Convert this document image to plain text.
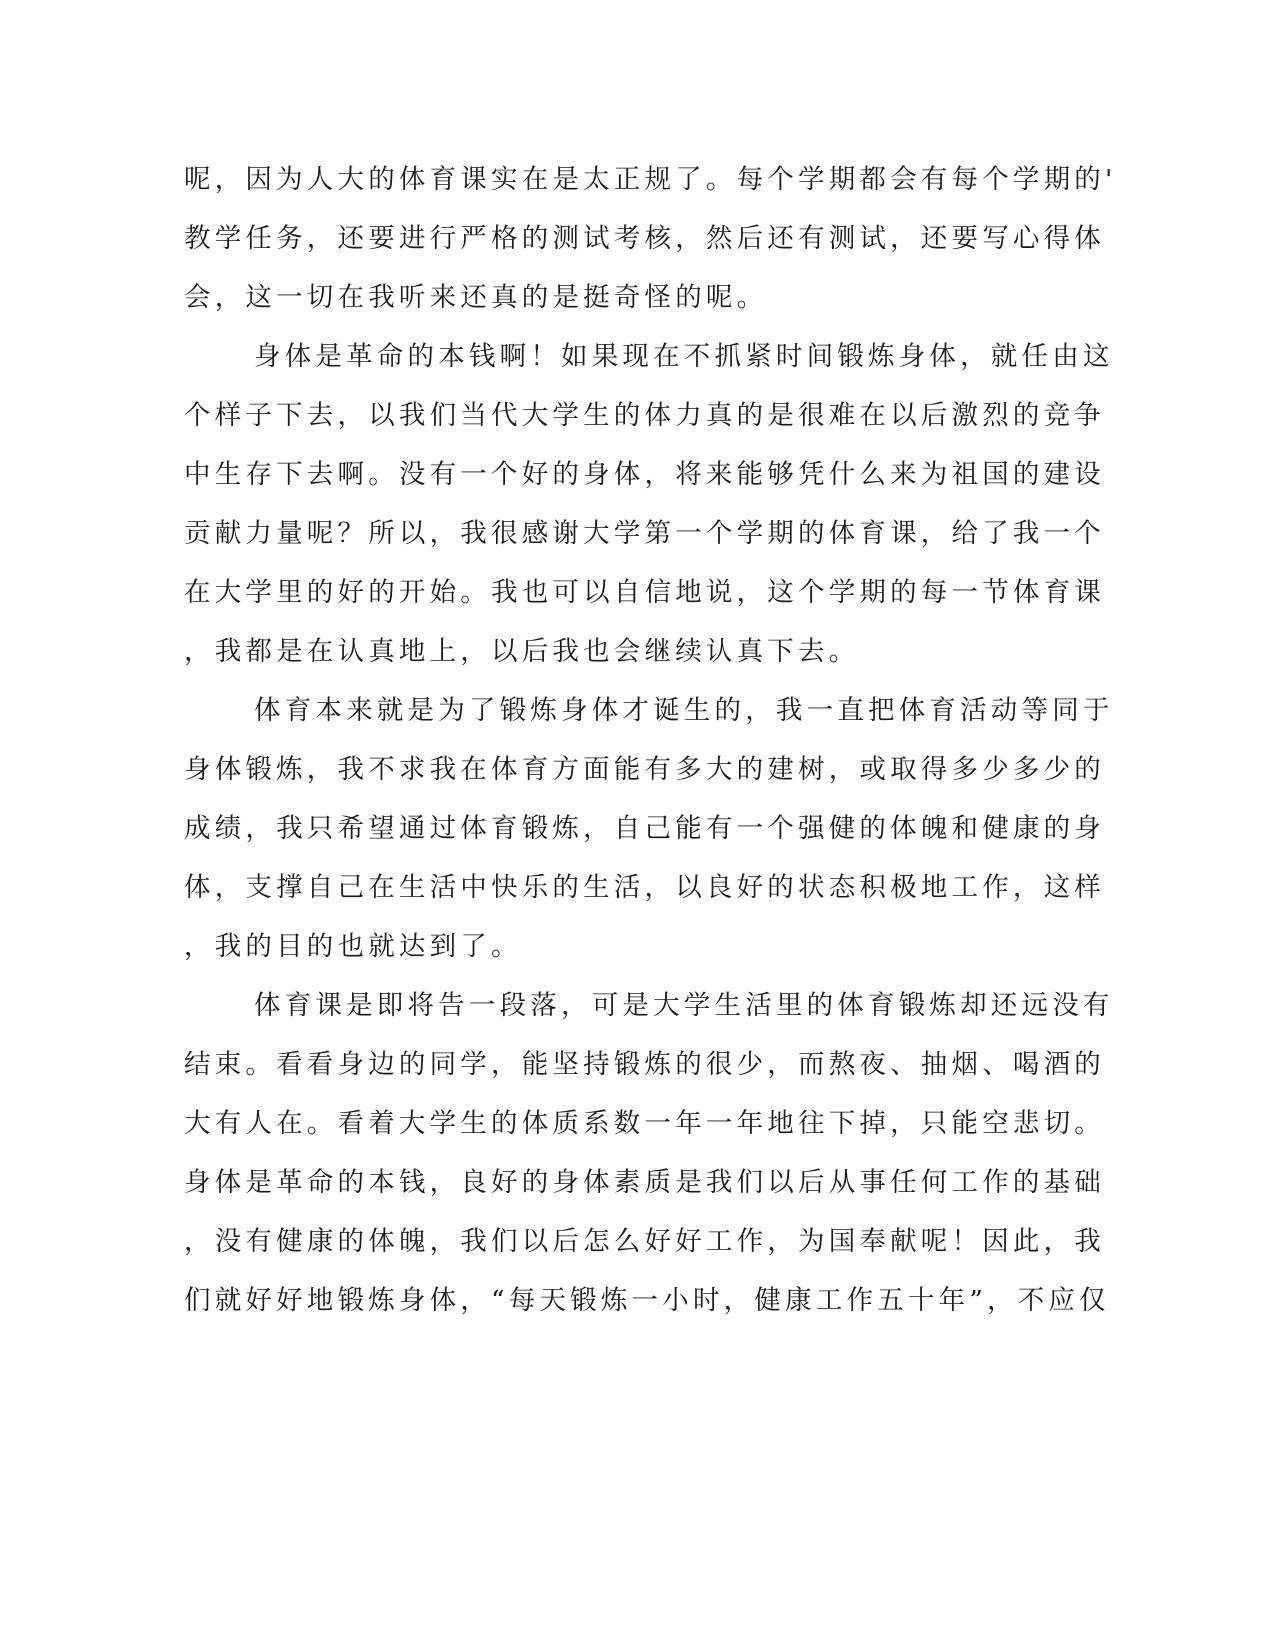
呢，因为人大的体育课实在是太正规了。每个学期都会有每个学期的'

教学任务，还要进行严格的测试考核，然后还有测试，还要写心得体

会，这一切在我听来还真的是挺奇怪的呢。

身体是革命的本钱啊！如果现在不抓紧时间锻炼身体，就任由这

个样子下去，以我们当代大学生的体力真的是很难在以后激烈的竞争

中生存下去啊。没有一个好的身体，将来能够凭什么来为祖国的建设

贡献力量呢？所以，我很感谢大学第一个学期的体育课，给了我一个

在大学里的好的开始。我也可以自信地说，这个学期的每一节体育课

，我都是在认真地上，以后我也会继续认真下去。

体育本来就是为了锻炼身体才诞生的，我一直把体育活动等同于

身体锻炼，我不求我在体育方面能有多大的建树，或取得多少多少的

成绩，我只希望通过体育锻炼，自己能有一个强健的体魄和健康的身

体，支撑自己在生活中快乐的生活，以良好的状态积极地工作，这样

，我的目的也就达到了。

体育课是即将告一段落，可是大学生活里的体育锻炼却还远没有

结束。看看身边的同学，能坚持锻炼的很少，而熬夜、抽烟、喝酒的

大有人在。看着大学生的体质系数一年一年地往下掉，只能空悲切。

身体是革命的本钱，良好的身体素质是我们以后从事任何工作的基础

，没有健康的体魄，我们以后怎么好好工作，为国奉献呢！因此，我

们就好好地锻炼身体，“每天锻炼一小时，健康工作五十年”，不应仅
